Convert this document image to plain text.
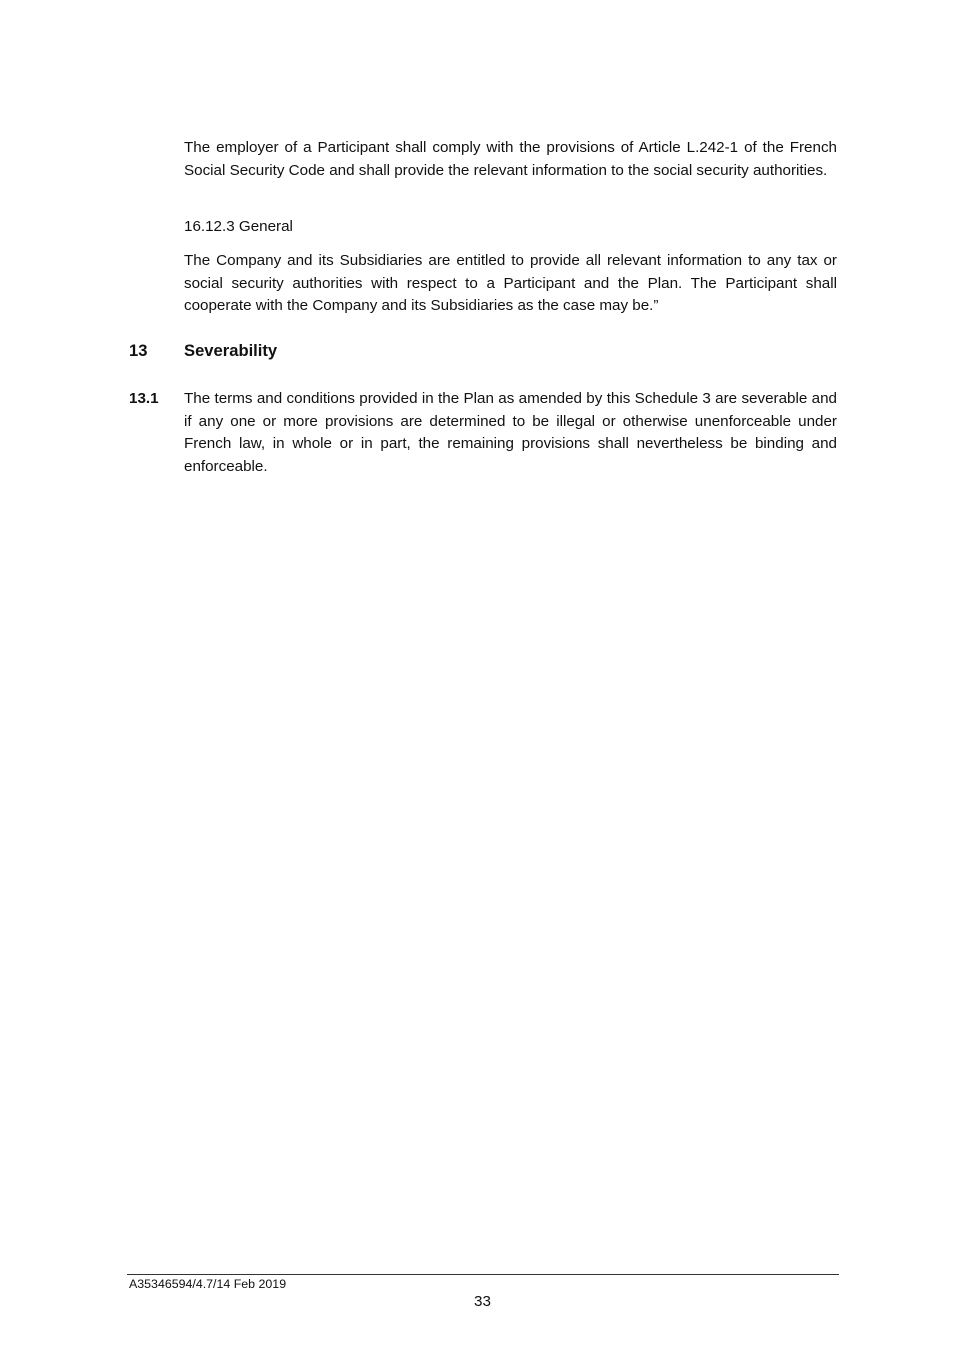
The employer of a Participant shall comply with the provisions of Article L.242-1 of the French Social Security Code and shall provide the relevant information to the social security authorities.

16.12.3 General

The Company and its Subsidiaries are entitled to provide all relevant information to any tax or social security authorities with respect to a Participant and the Plan. The Participant shall cooperate with the Company and its Subsidiaries as the case may be.”

13 Severability
13.1 The terms and conditions provided in the Plan as amended by this Schedule 3 are severable and if any one or more provisions are determined to be illegal or otherwise unenforceable under French law, in whole or in part, the remaining provisions shall nevertheless be binding and enforceable.

A35346594/4.7/14 Feb 2019
33
